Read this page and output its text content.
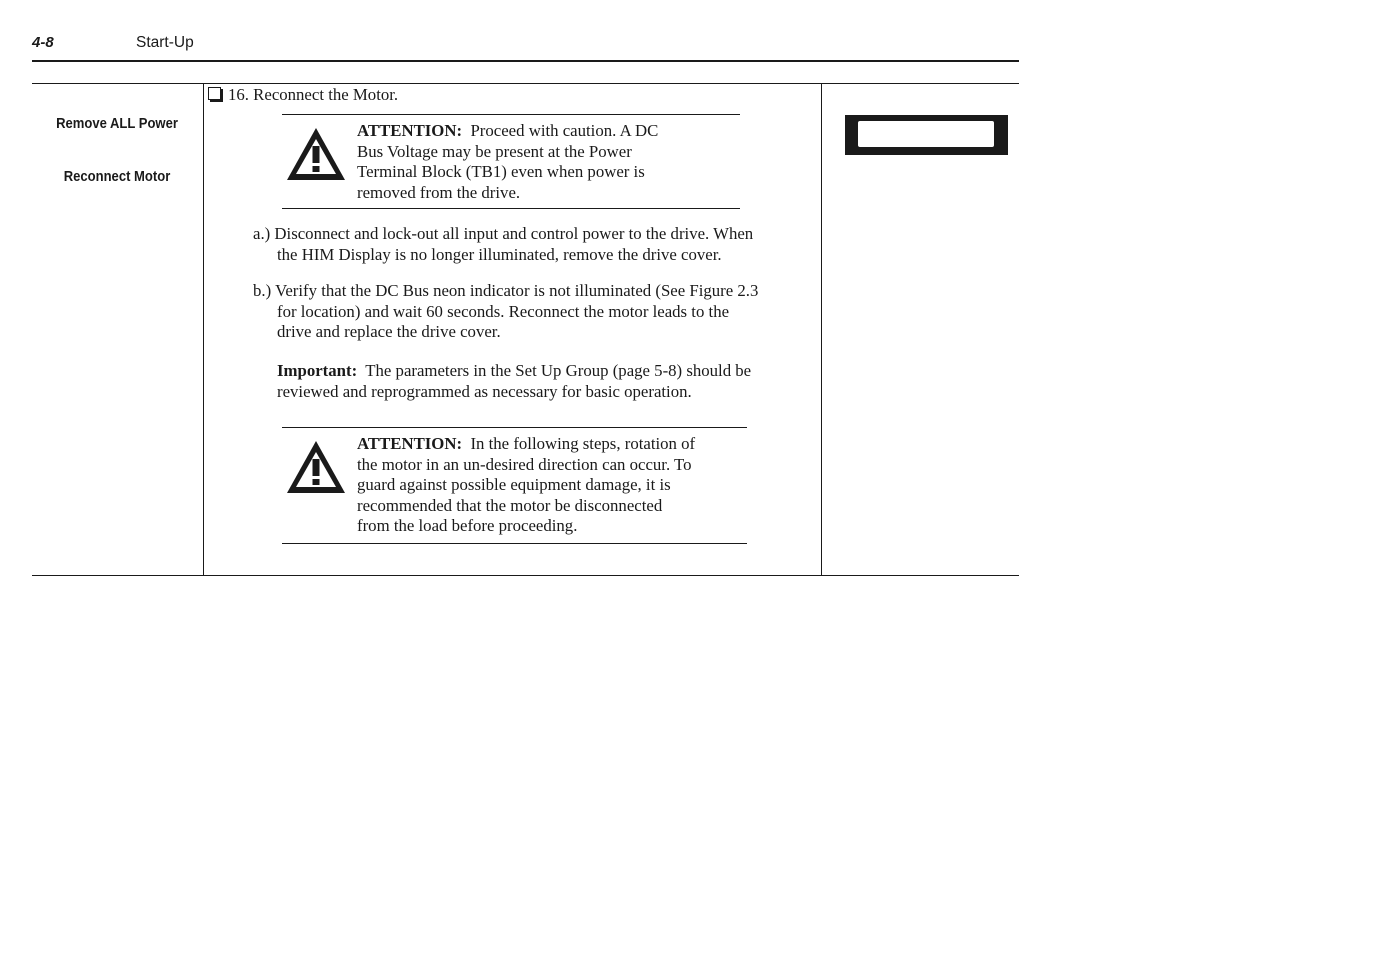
4-8	Start-Up
Remove ALL Power
Reconnect Motor
16. Reconnect the Motor.
ATTENTION: Proceed with caution. A DC
Bus Voltage may be present at the Power
Terminal Block (TB1) even when power is
removed from the drive.
a.) Disconnect and lock-out all input and control power to the drive. When
the HIM Display is no longer illuminated, remove the drive cover.
b.) Verify that the DC Bus neon indicator is not illuminated (See Figure 2.3
for location) and wait 60 seconds. Reconnect the motor leads to the
drive and replace the drive cover.
Important: The parameters in the Set Up Group (page 5-8) should be
reviewed and reprogrammed as necessary for basic operation.
ATTENTION: In the following steps, rotation of
the motor in an un-desired direction can occur. To
guard against possible equipment damage, it is
recommended that the motor be disconnected
from the load before proceeding.
